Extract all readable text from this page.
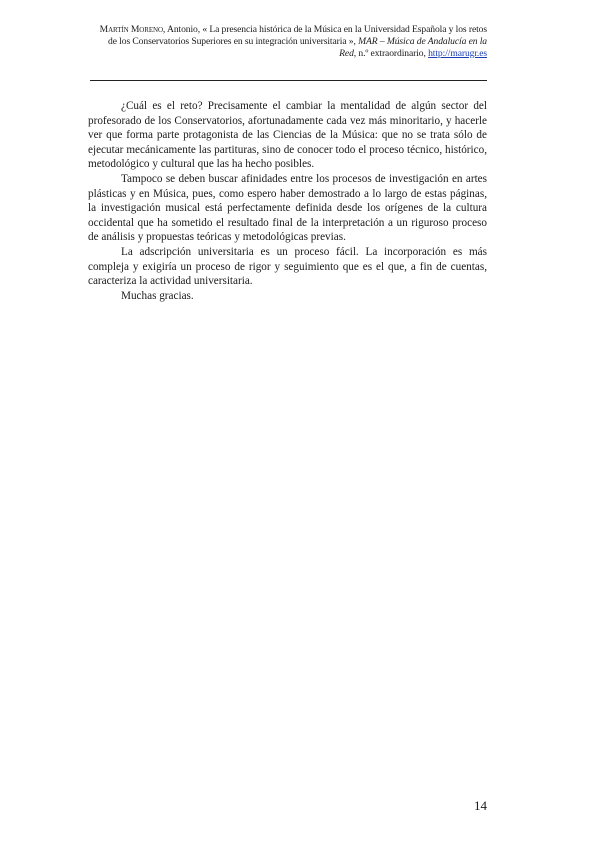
Martín Moreno, Antonio, « La presencia histórica de la Música en la Universidad Española y los retos de los Conservatorios Superiores en su integración universitaria », MAR – Música de Andalucía en la Red, n.º extraordinario, http://marugr.es

¿Cuál es el reto? Precisamente el cambiar la mentalidad de algún sector del profesorado de los Conservatorios, afortunadamente cada vez más minoritario, y hacerle ver que forma parte protagonista de las Ciencias de la Música: que no se trata sólo de ejecutar mecánicamente las partituras, sino de conocer todo el proceso técnico, histórico, metodológico y cultural que las ha hecho posibles.

Tampoco se deben buscar afinidades entre los procesos de investigación en artes plásticas y en Música, pues, como espero haber demostrado a lo largo de estas páginas, la investigación musical está perfectamente definida desde los orígenes de la cultura occidental que ha sometido el resultado final de la interpretación a un riguroso proceso de análisis y propuestas teóricas y metodológicas previas.

La adscripción universitaria es un proceso fácil. La incorporación es más compleja y exigiría un proceso de rigor y seguimiento que es el que, a fin de cuentas, caracteriza la actividad universitaria.

Muchas gracias.

14
